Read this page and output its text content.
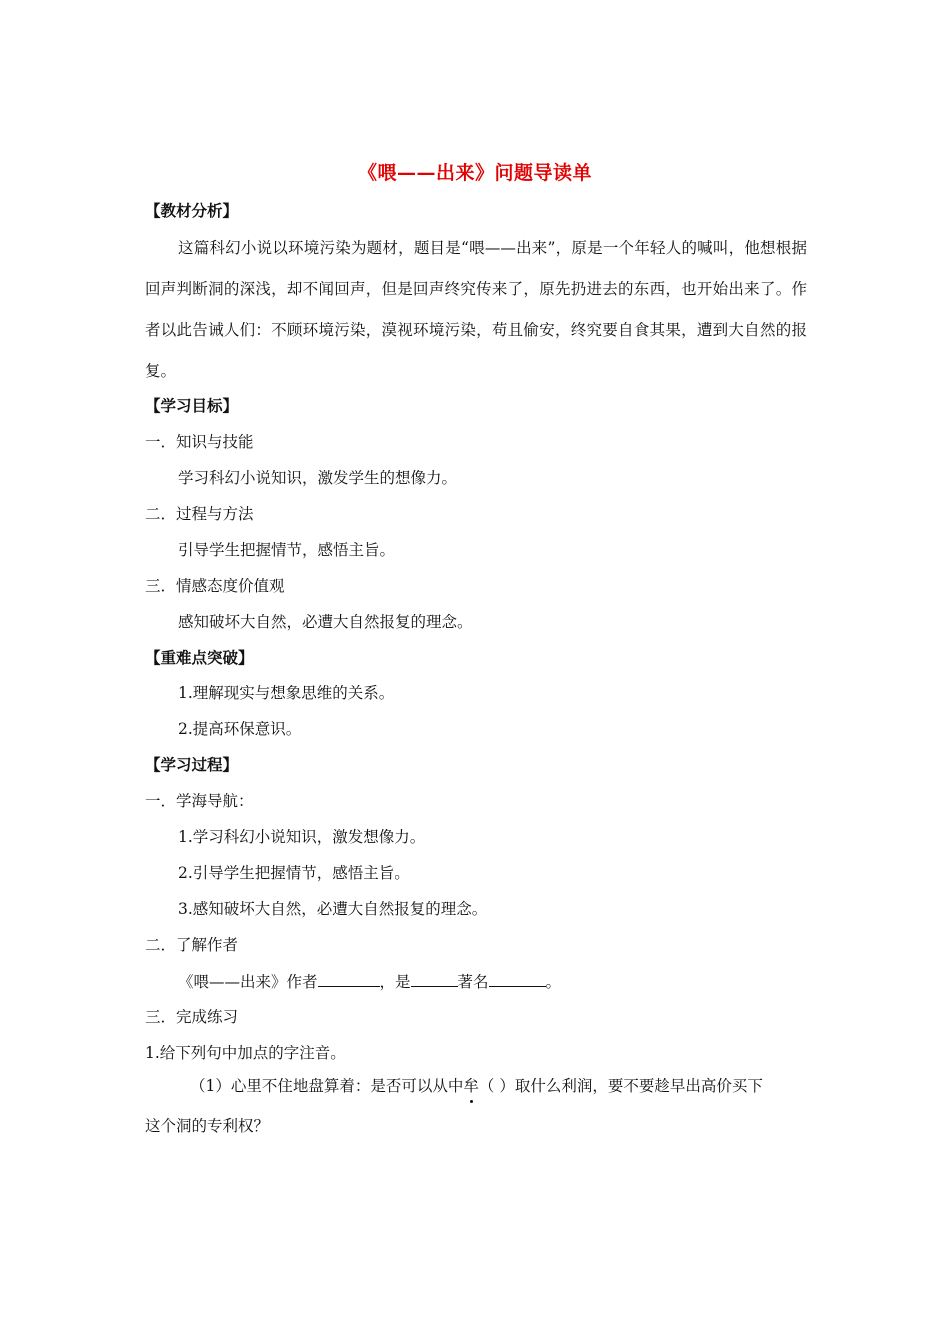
《喂——出来》问题导读单
【教材分析】
这篇科幻小说以环境污染为题材，题目是“喂——出来”，原是一个年轻人的喊叫，他想根据回声判断洞的深浅，却不闻回声，但是回声终究传来了，原先扔进去的东西，也开始出来了。作者以此告诫人们：不顾环境污染，漠视环境污染，苟且偷安，终究要自食其果，遭到大自然的报复。
【学习目标】
一．知识与技能
学习科幻小说知识，激发学生的想像力。
二．过程与方法
引导学生把握情节，感悟主旨。
三．情感态度价值观
感知破坏大自然，必遭大自然报复的理念。
【重难点突破】
1.理解现实与想象思维的关系。
2.提高环保意识。
【学习过程】
一．学海导航：
1.学习科幻小说知识，激发想像力。
2.引导学生把握情节，感悟主旨。
3.感知破坏大自然，必遭大自然报复的理念。
二．了解作者
《喂——出来》作者	，是	著名	。
三．完成练习
1.给下列句中加点的字注音。
（1）心里不住地盘算着：是否可以从中牟（ ）取什么利润，要不要趁早出高价买下
这个洞的专利权？
